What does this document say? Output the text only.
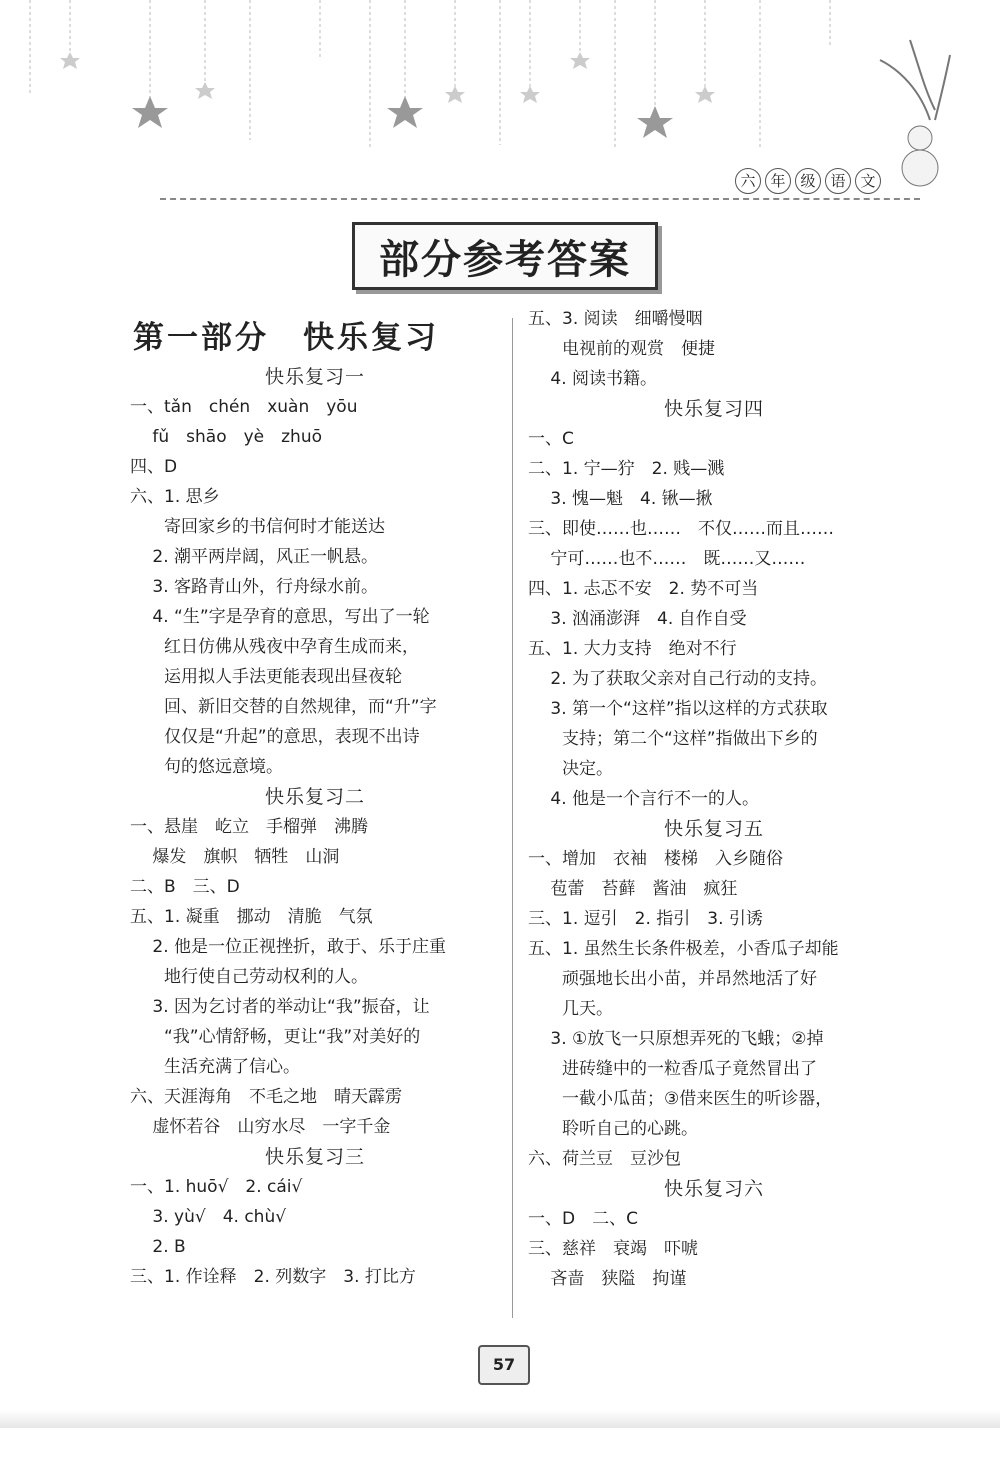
六 年 级 语 文
部分参考答案
第一部分　快乐复习
快乐复习一
一、tǎn　chén　xuàn　yōu
　 fǔ　shāo　yè　zhuō
四、D
六、1. 思乡
　　寄回家乡的书信何时才能送达
　 2. 潮平两岸阔，风正一帆悬。
　 3. 客路青山外，行舟绿水前。
　 4. “生”字是孕育的意思，写出了一轮
　　红日仿佛从残夜中孕育生成而来，
　　运用拟人手法更能表现出昼夜轮
　　回、新旧交替的自然规律，而“升”字
　　仅仅是“升起”的意思，表现不出诗
　　句的悠远意境。
快乐复习二
一、悬崖　屹立　手榴弹　沸腾
　 爆发　旗帜　牺牲　山洞
二、B　三、D
五、1. 凝重　挪动　清脆　气氛
　 2. 他是一位正视挫折，敢于、乐于庄重
　　地行使自己劳动权利的人。
　 3. 因为乞讨者的举动让“我”振奋，让
　　“我”心情舒畅，更让“我”对美好的
　　生活充满了信心。
六、天涯海角　不毛之地　晴天霹雳
　 虚怀若谷　山穷水尽　一字千金
快乐复习三
一、1. huō√　2. cái√
　 3. yù√　4. chù√
　 2. B
三、1. 作诠释　2. 列数字　3. 打比方
五、3. 阅读　细嚼慢咽
　　电视前的观赏　便捷
　 4. 阅读书籍。
快乐复习四
一、C
二、1. 宁—狞　2. 贱—溅
　 3. 愧—魁　4. 锹—揪
三、即使……也……　不仅……而且……
　 宁可……也不……　既……又……
四、1. 忐忑不安　2. 势不可当
　 3. 汹涌澎湃　4. 自作自受
五、1. 大力支持　绝对不行
　 2. 为了获取父亲对自己行动的支持。
　 3. 第一个“这样”指以这样的方式获取
　　支持；第二个“这样”指做出下乡的
　　决定。
　 4. 他是一个言行不一的人。
快乐复习五
一、增加　衣袖　楼梯　入乡随俗
　 苞蕾　苔藓　酱油　疯狂
三、1. 逗引　2. 指引　3. 引诱
五、1. 虽然生长条件极差，小香瓜子却能
　　顽强地长出小苗，并昂然地活了好
　　几天。
　 3. ①放飞一只原想弄死的飞蛾；②掉
　　进砖缝中的一粒香瓜子竟然冒出了
　　一截小瓜苗；③借来医生的听诊器，
　　聆听自己的心跳。
六、荷兰豆　豆沙包
快乐复习六
一、D　二、C
三、慈祥　衰竭　吓唬
　 吝啬　狭隘　拘谨
57
